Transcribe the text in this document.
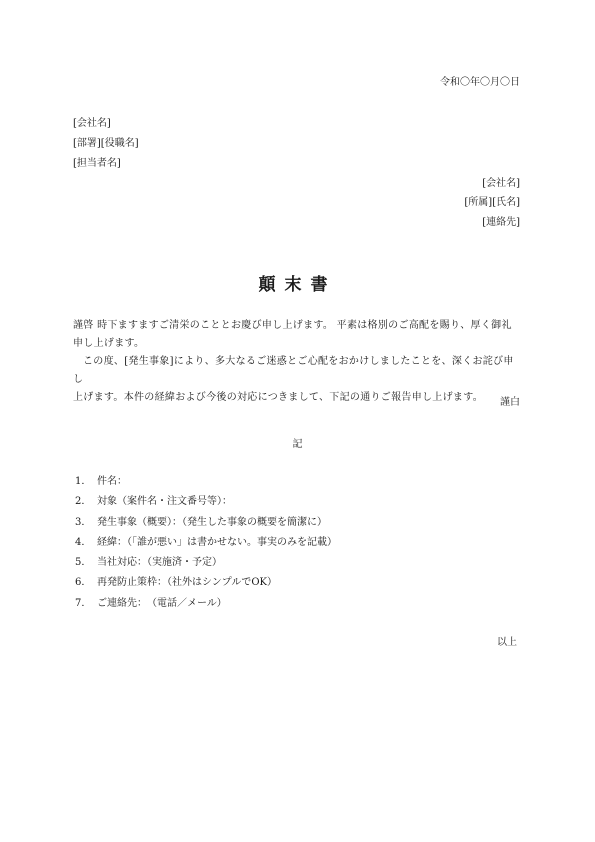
令和〇年〇月〇日
[会社名]
[部署][役職名]
[担当者名]
[会社名]
[所属][氏名]
[連絡先]
顛末書
謹啓 時下ますますご清栄のこととお慶び申し上げます。 平素は格別のご高配を賜り、厚く御礼
申し上げます。
この度、[発生事象]により、多大なるご迷惑とご心配をおかけしましたことを、深くお詫び申し
上げます。本件の経緯および今後の対応につきまして、下記の通りご報告申し上げます。	謹白
記
1． 件名：
2． 対象（案件名・注文番号等）：
3． 発生事象（概要）：（発生した事象の概要を簡潔に）
4． 経緯：（「誰が悪い」は書かせない。事実のみを記載）
5． 当社対応：（実施済・予定）
6． 再発防止策枠：（社外はシンプルでOK）
7． ご連絡先：　（電話／メール）
以上
